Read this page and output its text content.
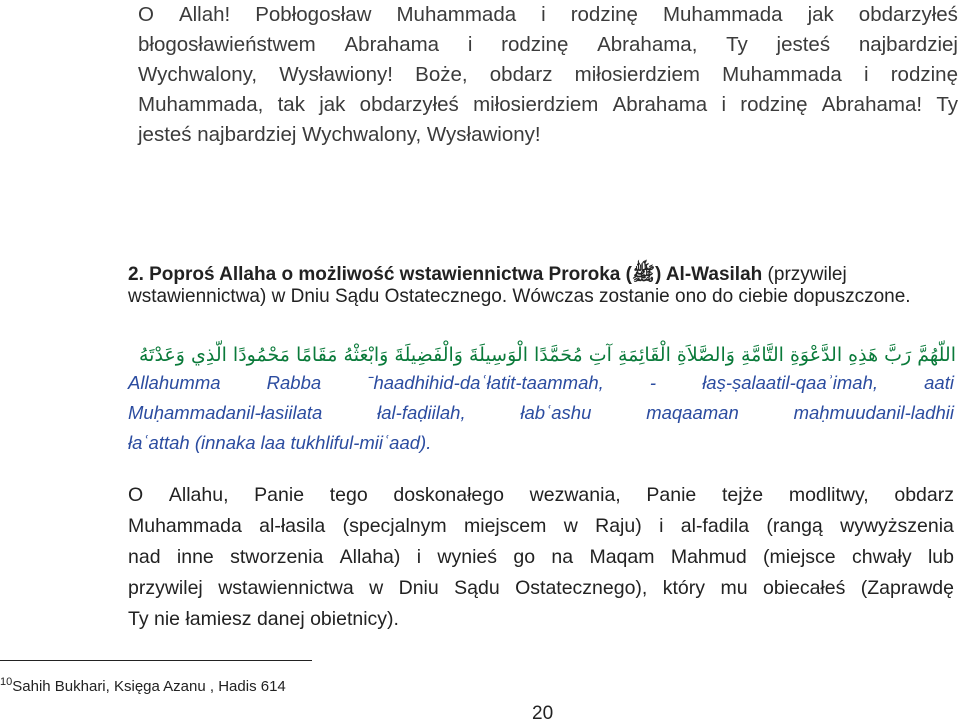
O Allah! Pobłogosław Muhammada i rodzinę Muhammada jak obdarzyłeś
błogosławieństwem Abrahama i rodzinę Abrahama, Ty jesteś najbardziej
Wychwalony, Wysławiony! Boże, obdarz miłosierdziem Muhammada i rodzinę
Muhammada, tak jak obdarzyłeś miłosierdziem Abrahama i rodzinę Abrahama! Ty
jesteś najbardziej Wychwalony, Wysławiony!
2. Poproś Allaha o możliwość wstawiennictwa Proroka (ﷺ) Al-Wasilah (przywilej
wstawiennictwa) w Dniu Sądu Ostatecznego. Wówczas zostanie ono do ciebie dopuszczone.
اللَّهُمَّ رَبَّ هَذِهِ الدَّعْوَةِ التَّامَّةِ وَالصَّلاَةِ الْقَائِمَةِ آتِ مُحَمَّدًا الْوَسِيلَةَ وَالْفَضِيلَةَ وَابْعَثْهُ مَقَامًا مَحْمُودًا الَّذِي وَعَدْتَهُ
Allahumma Rabba ˉhaadhihid-daʿłatit-taammah, - łaṣ-ṣalaatil-qaaʾimah, aati
Muḥammadanil-łasiilata	łal-faḍiilah,	łabʿashu	maqaaman	maḥmuudanil-ladhii
łaʿattah (innaka laa tukhliful-miiʿaad).
O Allahu, Panie tego doskonałego wezwania, Panie tejże modlitwy, obdarz
Muhammada al-łasila (specjalnym miejscem w Raju) i al-fadila (rangą wywyższenia
nad inne stworzenia Allaha) i wynieś go na Maqam Mahmud (miejsce chwały lub
przywilej wstawiennictwa w Dniu Sądu Ostatecznego), który mu obiecałeś (Zaprawdę
Ty nie łamiesz danej obietnicy).
$^{10}$Sahih Bukhari, Księga Azanu , Hadis 614
20
